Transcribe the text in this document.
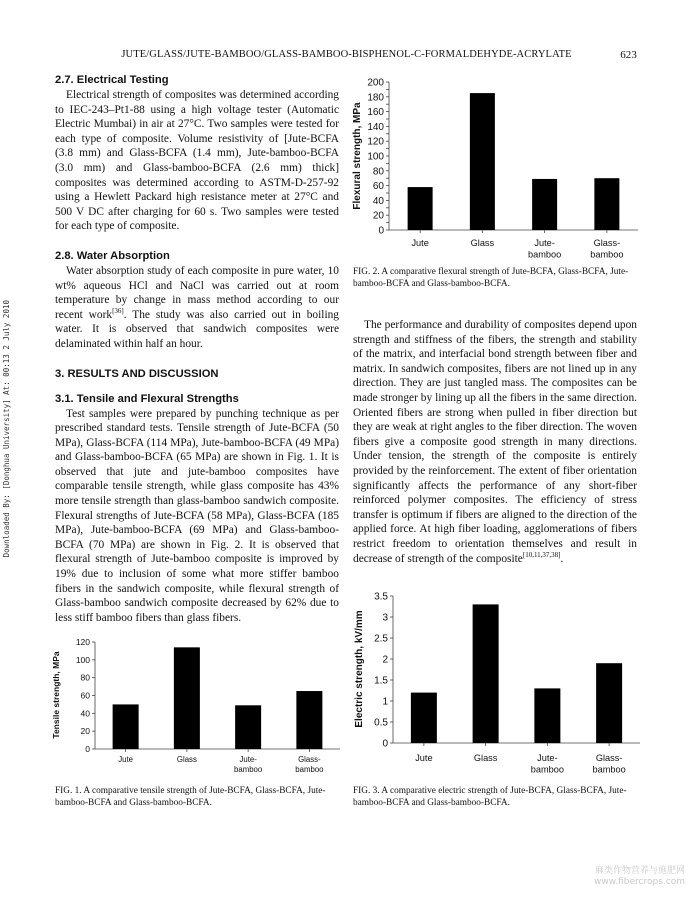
JUTE/GLASS/JUTE-BAMBOO/GLASS-BAMBOO-BISPHENOL-C-FORMALDEHYDE-ACRYLATE	623
Downloaded By: [Donghua University] At: 00:13 2 July 2010
2.7. Electrical Testing

Electrical strength of composites was determined according to IEC-243–Pt1-88 using a high voltage tester (Automatic Electric Mumbai) in air at 27°C. Two samples were tested for each type of composite. Volume resistivity of [Jute-BCFA (3.8 mm) and Glass-BCFA (1.4 mm), Jute-bamboo-BCFA (3.0 mm) and Glass-bamboo-BCFA (2.6 mm) thick] composites was determined according to ASTM-D-257-92 using a Hewlett Packard high resistance meter at 27°C and 500 V DC after charging for 60 s. Two samples were tested for each type of composite.

2.8. Water Absorption

Water absorption study of each composite in pure water, 10 wt% aqueous HCl and NaCl was carried out at room temperature by change in mass method according to our recent work[36]. The study was also carried out in boiling water. It is observed that sandwich composites were delaminated within half an hour.

3. RESULTS AND DISCUSSION
3.1. Tensile and Flexural Strengths

Test samples were prepared by punching technique as per prescribed standard tests. Tensile strength of Jute-BCFA (50 MPa), Glass-BCFA (114 MPa), Jute-bamboo-BCFA (49 MPa) and Glass-bamboo-BCFA (65 MPa) are shown in Fig. 1. It is observed that jute and jute-bamboo composites have comparable tensile strength, while glass composite has 43% more tensile strength than glass-bamboo sandwich composite. Flexural strengths of Jute-BCFA (58 MPa), Glass-BCFA (185 MPa), Jute-bamboo-BCFA (69 MPa) and Glass-bamboo-BCFA (70 MPa) are shown in Fig. 2. It is observed that flexural strength of Jute-bamboo composite is improved by 19% due to inclusion of some what more stiffer bamboo fibers in the sandwich composite, while flexural strength of Glass-bamboo sandwich composite decreased by 62% due to less stiff bamboo fibers than glass fibers.

The performance and durability of composites depend upon strength and stiffness of the fibers, the strength and stability of the matrix, and interfacial bond strength between fiber and matrix. In sandwich composites, fibers are not lined up in any direction. They are just tangled mass. The composites can be made stronger by lining up all the fibers in the same direction. Oriented fibers are strong when pulled in fiber direction but they are weak at right angles to the fiber direction. The woven fibers give a composite good strength in many directions. Under tension, the strength of the composite is entirely provided by the reinforcement. The extent of fiber orientation significantly affects the performance of any short-fiber reinforced polymer composites. The efficiency of stress transfer is optimum if fibers are aligned to the direction of the applied force. At high fiber loading, agglomerations of fibers restrict freedom to orientation themselves and result in decrease of strength of the composite[10,11,37,38].

0
20
40
60
80
100
120
140
160
180
200
Flexural strength, MPa
Jute	Glass	Jute-bamboo
Glass-bamboo
FIG. 2. A comparative flexural strength of Jute-BCFA, Glass-BCFA, Jute-bamboo-BCFA and Glass-bamboo-BCFA.
0
20
40
60
80
100
120
Tensile strength, MPa
Jute	Glass	Jute-bamboo
Glass-bamboo
FIG. 1. A comparative tensile strength of Jute-BCFA, Glass-BCFA, Jute-bamboo-BCFA and Glass-bamboo-BCFA.
0
0.5
1
1.5
2
2.5
3
3.5
Electric strength, kV/mm
Jute	Glass	Jute-bamboo
Glass-bamboo
FIG. 3. A comparative electric strength of Jute-BCFA, Glass-BCFA, Jute-bamboo-BCFA and Glass-bamboo-BCFA.
麻类作物营养与施肥网
www.fibercrops.com
